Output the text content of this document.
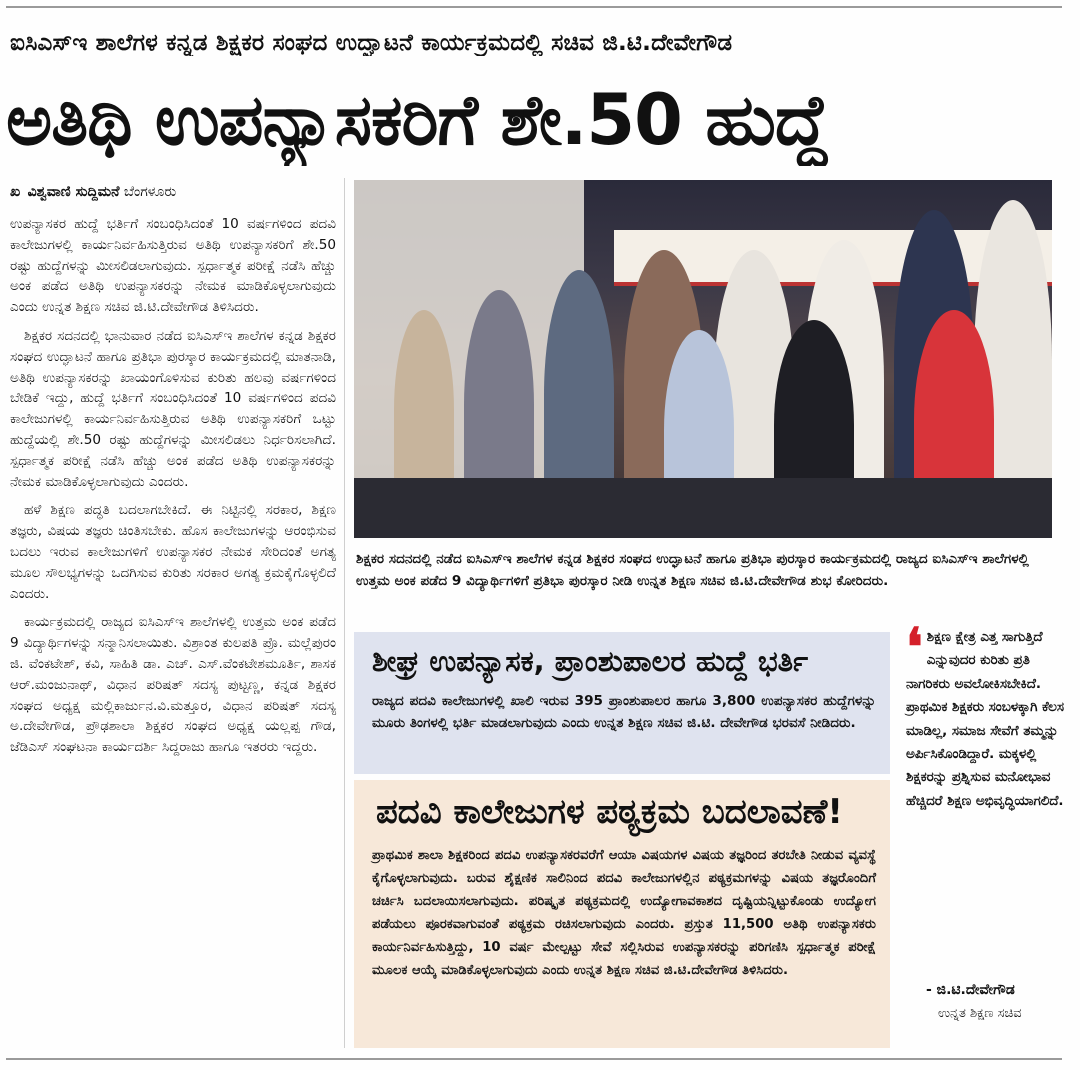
ಐಸಿಎಸ್‌ಇ ಶಾಲೆಗಳ ಕನ್ನಡ ಶಿಕ್ಷಕರ ಸಂಘದ ಉದ್ಘಾಟನೆ ಕಾರ್ಯಕ್ರಮದಲ್ಲಿ ಸಚಿವ ಜಿ.ಟಿ.ದೇವೇಗೌಡ
ಅತಿಥಿ ಉಪನ್ಯಾಸಕರಿಗೆ ಶೇ.50 ಹುದ್ದೆ
ಖ ವಿಶ್ವವಾಣಿ ಸುದ್ದಿಮನೆ ಬೆಂಗಳೂರು

ಉಪನ್ಯಾಸಕರ ಹುದ್ದೆ ಭರ್ತಿಗೆ ಸಂಬಂಧಿಸಿದಂತೆ 10 ವರ್ಷಗಳಿಂದ ಪದವಿ ಕಾಲೇಜುಗಳಲ್ಲಿ ಕಾರ್ಯನಿರ್ವಹಿಸುತ್ತಿರುವ ಅತಿಥಿ ಉಪನ್ಯಾಸಕರಿಗೆ ಶೇ.50 ರಷ್ಟು ಹುದ್ದೆಗಳನ್ನು ಮೀಸಲಿಡಲಾಗುವುದು. ಸ್ಪರ್ಧಾತ್ಮಕ ಪರೀಕ್ಷೆ ನಡೆಸಿ ಹೆಚ್ಚು ಅಂಕ ಪಡೆದ ಅತಿಥಿ ಉಪನ್ಯಾಸಕರನ್ನು ನೇಮಕ ಮಾಡಿಕೊಳ್ಳಲಾಗುವುದು ಎಂದು ಉನ್ನತ ಶಿಕ್ಷಣ ಸಚಿವ ಜಿ.ಟಿ.ದೇವೇಗೌಡ ತಿಳಿಸಿದರು.

ಶಿಕ್ಷಕರ ಸದನದಲ್ಲಿ ಭಾನುವಾರ ನಡೆದ ಐಸಿಎಸ್‌ಇ ಶಾಲೆಗಳ ಕನ್ನಡ ಶಿಕ್ಷಕರ ಸಂಘದ ಉದ್ಘಾಟನೆ ಹಾಗೂ ಪ್ರತಿಭಾ ಪುರಸ್ಕಾರ ಕಾರ್ಯಕ್ರಮದಲ್ಲಿ ಮಾತನಾಡಿ, ಅತಿಥಿ ಉಪನ್ಯಾಸಕರನ್ನು ಖಾಯಂಗೊಳಿಸುವ ಕುರಿತು ಹಲವು ವರ್ಷಗಳಿಂದ ಬೇಡಿಕೆ ಇದ್ದು, ಹುದ್ದೆ ಭರ್ತಿಗೆ ಸಂಬಂಧಿಸಿದಂತೆ 10 ವರ್ಷಗಳಿಂದ ಪದವಿ ಕಾಲೇಜುಗಳಲ್ಲಿ ಕಾರ್ಯನಿರ್ವಹಿಸುತ್ತಿರುವ ಅತಿಥಿ ಉಪನ್ಯಾಸಕರಿಗೆ ಒಟ್ಟು ಹುದ್ದೆಯಲ್ಲಿ ಶೇ.50 ರಷ್ಟು ಹುದ್ದೆಗಳನ್ನು ಮೀಸಲಿಡಲು ನಿರ್ಧರಿಸಲಾಗಿದೆ. ಸ್ಪರ್ಧಾತ್ಮಕ ಪರೀಕ್ಷೆ ನಡೆಸಿ ಹೆಚ್ಚು ಅಂಕ ಪಡೆದ ಅತಿಥಿ ಉಪನ್ಯಾಸಕರನ್ನು ನೇಮಕ ಮಾಡಿಕೊಳ್ಳಲಾಗುವುದು ಎಂದರು.

ಹಳೆ ಶಿಕ್ಷಣ ಪದ್ಧತಿ ಬದಲಾಗಬೇಕಿದೆ. ಈ ನಿಟ್ಟಿನಲ್ಲಿ ಸರಕಾರ, ಶಿಕ್ಷಣ ತಜ್ಞರು, ವಿಷಯ ತಜ್ಞರು ಚಿಂತಿಸಬೇಕು. ಹೊಸ ಕಾಲೇಜುಗಳನ್ನು ಆರಂಭಿಸುವ ಬದಲು ಇರುವ ಕಾಲೇಜುಗಳಿಗೆ ಉಪನ್ಯಾಸಕರ ನೇಮಕ ಸೇರಿದಂತೆ ಅಗತ್ಯ ಮೂಲ ಸೌಲಭ್ಯಗಳನ್ನು ಒದಗಿಸುವ ಕುರಿತು ಸರಕಾರ ಅಗತ್ಯ ಕ್ರಮಕೈಗೊಳ್ಳಲಿದೆ ಎಂದರು.

ಕಾರ್ಯಕ್ರಮದಲ್ಲಿ ರಾಜ್ಯದ ಐಸಿಎಸ್‌ಇ ಶಾಲೆಗಳಲ್ಲಿ ಉತ್ತಮ ಅಂಕ ಪಡೆದ 9 ವಿದ್ಯಾರ್ಥಿಗಳನ್ನು ಸನ್ಮಾನಿಸಲಾಯಿತು. ವಿಶ್ರಾಂತ ಕುಲಪತಿ ಪ್ರೊ. ಮಲ್ಲೆಪುರಂ ಜಿ. ವೆಂಕಟೇಶ್, ಕವಿ, ಸಾಹಿತಿ ಡಾ. ಎಚ್. ಎಸ್.ವೆಂಕಟೇಶಮೂರ್ತಿ, ಶಾಸಕ ಆರ್.ಮಂಜುನಾಥ್, ವಿಧಾನ ಪರಿಷತ್ ಸದಸ್ಯ ಪುಟ್ಟಣ್ಣ, ಕನ್ನಡ ಶಿಕ್ಷಕರ ಸಂಘದ ಅಧ್ಯಕ್ಷ ಮಲ್ಲಿಕಾರ್ಜುನ.ವಿ.ಮತ್ತೂರ, ವಿಧಾನ ಪರಿಷತ್ ಸದಸ್ಯ ಅ.ದೇವೇಗೌಡ, ಪ್ರೌಢಶಾಲಾ ಶಿಕ್ಷಕರ ಸಂಘದ ಅಧ್ಯಕ್ಷ ಯಲ್ಲಪ್ಪ ಗೌಡ, ಜೆಡಿಎಸ್ ಸಂಘಟನಾ ಕಾರ್ಯದರ್ಶಿ ಸಿದ್ದರಾಜು ಹಾಗೂ ಇತರರು ಇದ್ದರು.

ಶಿಕ್ಷಕರ ಸದನದಲ್ಲಿ ನಡೆದ ಐಸಿಎಸ್‌ಇ ಶಾಲೆಗಳ ಕನ್ನಡ ಶಿಕ್ಷಕರ ಸಂಘದ ಉದ್ಘಾಟನೆ ಹಾಗೂ ಪ್ರತಿಭಾ ಪುರಸ್ಕಾರ ಕಾರ್ಯಕ್ರಮದಲ್ಲಿ ರಾಜ್ಯದ ಐಸಿಎಸ್‌ಇ ಶಾಲೆಗಳಲ್ಲಿ ಉತ್ತಮ ಅಂಕ ಪಡೆದ 9 ವಿದ್ಯಾರ್ಥಿಗಳಿಗೆ ಪ್ರತಿಭಾ ಪುರಸ್ಕಾರ ನೀಡಿ ಉನ್ನತ ಶಿಕ್ಷಣ ಸಚಿವ ಜಿ.ಟಿ.ದೇವೇಗೌಡ ಶುಭ ಕೋರಿದರು.
ಶೀಘ್ರ ಉಪನ್ಯಾಸಕ, ಪ್ರಾಂಶುಪಾಲರ ಹುದ್ದೆ ಭರ್ತಿ
ರಾಜ್ಯದ ಪದವಿ ಕಾಲೇಜುಗಳಲ್ಲಿ ಖಾಲಿ ಇರುವ 395 ಪ್ರಾಂಶುಪಾಲರ ಹಾಗೂ 3,800 ಉಪನ್ಯಾಸಕರ ಹುದ್ದೆಗಳನ್ನು ಮೂರು ತಿಂಗಳಲ್ಲಿ ಭರ್ತಿ ಮಾಡಲಾಗುವುದು ಎಂದು ಉನ್ನತ ಶಿಕ್ಷಣ ಸಚಿವ ಜಿ.ಟಿ. ದೇವೇಗೌಡ ಭರವಸೆ ನೀಡಿದರು.
ಪದವಿ ಕಾಲೇಜುಗಳ ಪಠ್ಯಕ್ರಮ ಬದಲಾವಣೆ!
ಪ್ರಾಥಮಿಕ ಶಾಲಾ ಶಿಕ್ಷಕರಿಂದ ಪದವಿ ಉಪನ್ಯಾಸಕರವರೆಗೆ ಆಯಾ ವಿಷಯಗಳ ವಿಷಯ ತಜ್ಞರಿಂದ ತರಬೇತಿ ನೀಡುವ ವ್ಯವಸ್ಥೆ ಕೈಗೊಳ್ಳಲಾಗುವುದು. ಬರುವ ಶೈಕ್ಷಣಿಕ ಸಾಲಿನಿಂದ ಪದವಿ ಕಾಲೇಜುಗಳಲ್ಲಿನ ಪಠ್ಯಕ್ರಮಗಳನ್ನು ವಿಷಯ ತಜ್ಞರೊಂದಿಗೆ ಚರ್ಚಿಸಿ ಬದಲಾಯಿಸಲಾಗುವುದು. ಪರಿಷ್ಕೃತ ಪಠ್ಯಕ್ರಮದಲ್ಲಿ ಉದ್ಯೋಗಾವಕಾಶದ ದೃಷ್ಟಿಯನ್ನಿಟ್ಟುಕೊಂಡು ಉದ್ಯೋಗ ಪಡೆಯಲು ಪೂರಕವಾಗುವಂತೆ ಪಠ್ಯಕ್ರಮ ರಚಿಸಲಾಗುವುದು ಎಂದರು. ಪ್ರಸ್ತುತ 11,500 ಅತಿಥಿ ಉಪನ್ಯಾಸಕರು ಕಾರ್ಯನಿರ್ವಹಿಸುತ್ತಿದ್ದು, 10 ವರ್ಷ ಮೇಲ್ಪಟ್ಟು ಸೇವೆ ಸಲ್ಲಿಸಿರುವ ಉಪನ್ಯಾಸಕರನ್ನು ಪರಿಗಣಿಸಿ ಸ್ಪರ್ಧಾತ್ಮಕ ಪರೀಕ್ಷೆ ಮೂಲಕ ಆಯ್ಕೆ ಮಾಡಿಕೊಳ್ಳಲಾಗುವುದು ಎಂದು ಉನ್ನತ ಶಿಕ್ಷಣ ಸಚಿವ ಜಿ.ಟಿ.ದೇವೇಗೌಡ ತಿಳಿಸಿದರು.
❛ ಶಿಕ್ಷಣ ಕ್ಷೇತ್ರ ಎತ್ತ ಸಾಗುತ್ತಿದೆ ಎನ್ನುವುದರ ಕುರಿತು ಪ್ರತಿ ನಾಗರಿಕರು ಅವಲೋಕಿಸಬೇಕಿದೆ. ಪ್ರಾಥಮಿಕ ಶಿಕ್ಷಕರು ಸಂಬಳಕ್ಕಾಗಿ ಕೆಲಸ ಮಾಡಿಲ್ಲ, ಸಮಾಜ ಸೇವೆಗೆ ತಮ್ಮನ್ನು ಅರ್ಪಿಸಿಕೊಂಡಿದ್ದಾರೆ. ಮಕ್ಕಳಲ್ಲಿ ಶಿಕ್ಷಕರನ್ನು ಪ್ರಶ್ನಿಸುವ ಮನೋಭಾವ ಹೆಚ್ಚಿದರೆ ಶಿಕ್ಷಣ ಅಭಿವೃದ್ಧಿಯಾಗಲಿದೆ.
- ಜಿ.ಟಿ.ದೇವೇಗೌಡ
ಉನ್ನತ ಶಿಕ್ಷಣ ಸಚಿವ
